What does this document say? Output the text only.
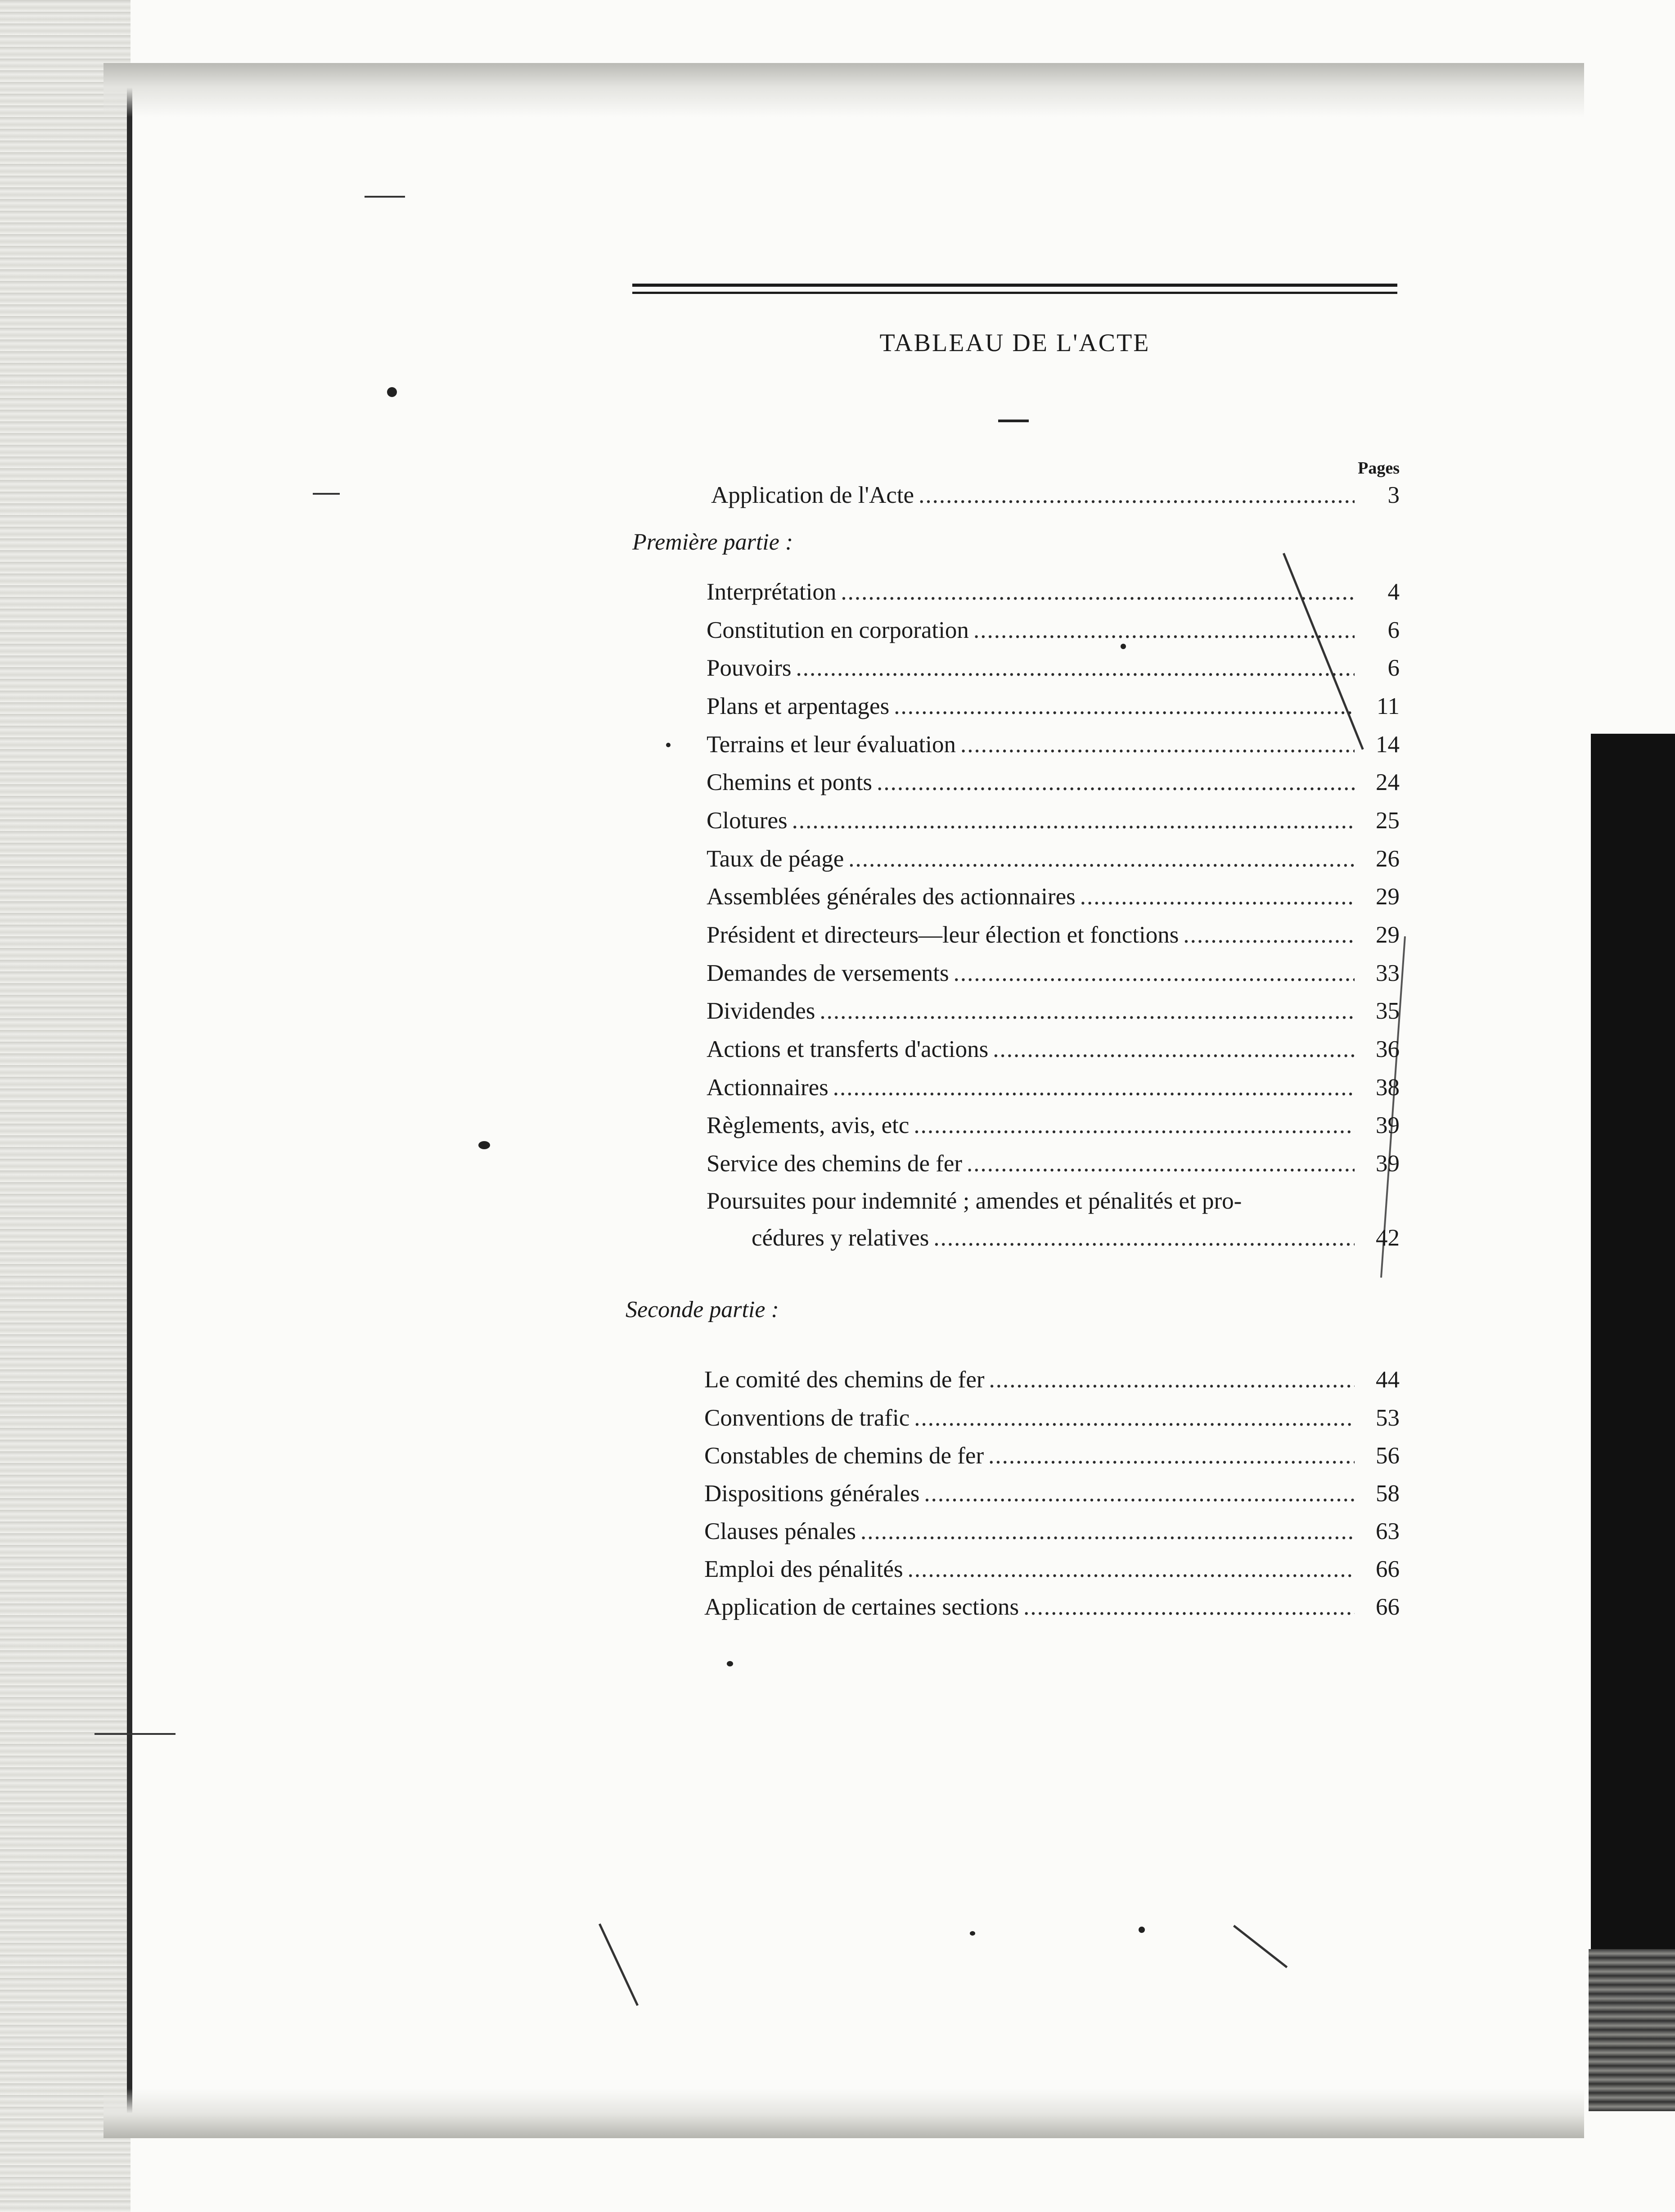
TABLEAU DE L'ACTE
Pages
Application de l'Acte .....	3
Première partie :
Interprétation .....	4
Constitution en corporation .....	6
Pouvoirs .....	6
Plans et arpentages .....	11
Terrains et leur évaluation .....	14
Chemins et ponts .....	24
Clotures .....	25
Taux de péage .....	26
Assemblées générales des actionnaires .....	29
Président et directeurs—leur élection et fonctions .....	29
Demandes de versements .....	33
Dividendes .....	35
Actions et transferts d'actions .....	36
Actionnaires .....	38
Règlements, avis, etc .....	39
Service des chemins de fer .....	39
Poursuites pour indemnité ; amendes et pénalités et pro-
cédures y relatives .....	42
Seconde partie :
Le comité des chemins de fer .....	44
Conventions de trafic .....	53
Constables de chemins de fer .....	56
Dispositions générales .....	58
Clauses pénales .....	63
Emploi des pénalités .....	66
Application de certaines sections .....	66
